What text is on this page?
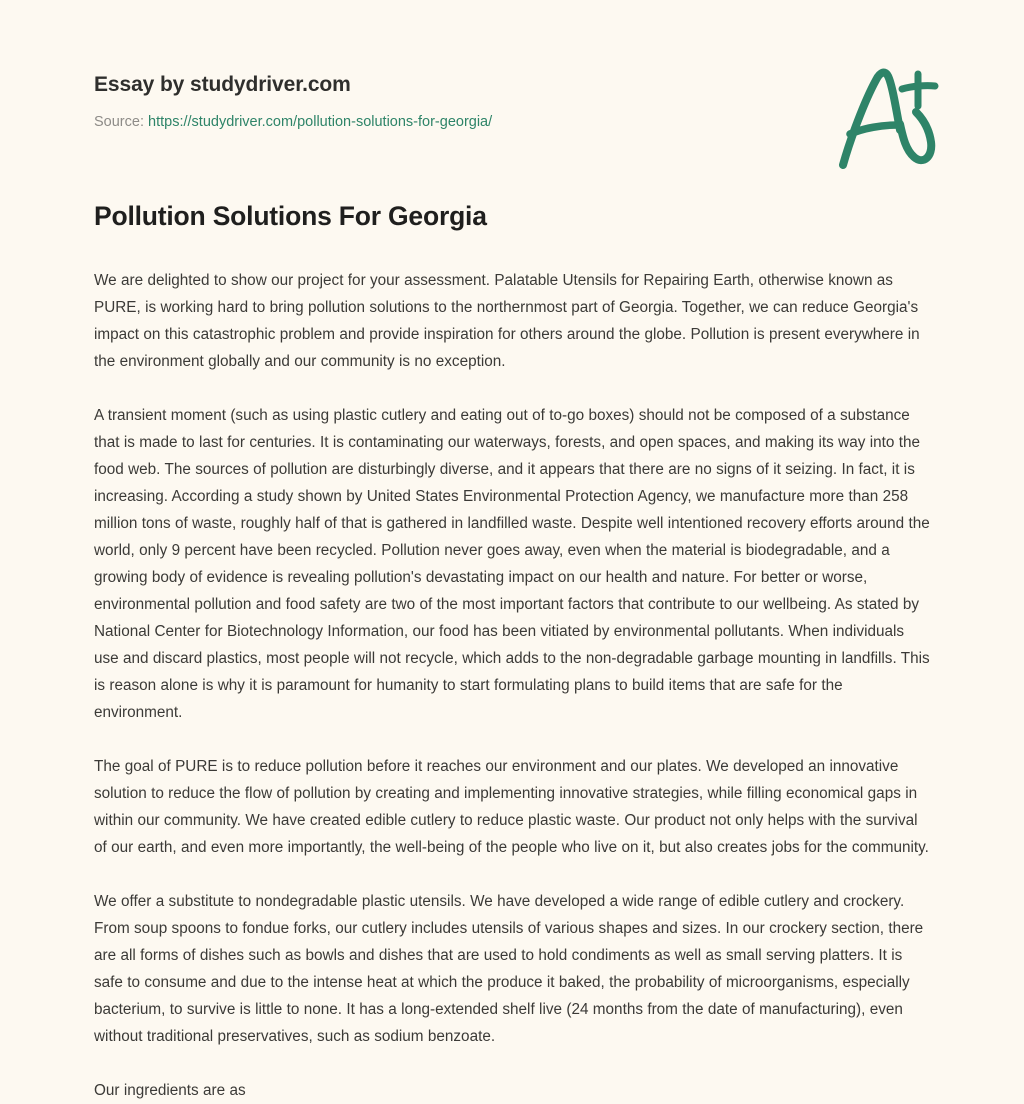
Essay by studydriver.com
Source: https://studydriver.com/pollution-solutions-for-georgia/
Pollution Solutions For Georgia

We are delighted to show our project for your assessment. Palatable Utensils for Repairing Earth, otherwise known as PURE, is working hard to bring pollution solutions to the northernmost part of Georgia. Together, we can reduce Georgia's impact on this catastrophic problem and provide inspiration for others around the globe. Pollution is present everywhere in the environment globally and our community is no exception.

A transient moment (such as using plastic cutlery and eating out of to-go boxes) should not be composed of a substance that is made to last for centuries. It is contaminating our waterways, forests, and open spaces, and making its way into the food web. The sources of pollution are disturbingly diverse, and it appears that there are no signs of it seizing. In fact, it is increasing. According a study shown by United States Environmental Protection Agency, we manufacture more than 258 million tons of waste, roughly half of that is gathered in landfilled waste. Despite well intentioned recovery efforts around the world, only 9 percent have been recycled. Pollution never goes away, even when the material is biodegradable, and a growing body of evidence is revealing pollution's devastating impact on our health and nature. For better or worse, environmental pollution and food safety are two of the most important factors that contribute to our wellbeing. As stated by National Center for Biotechnology Information, our food has been vitiated by environmental pollutants. When individuals use and discard plastics, most people will not recycle, which adds to the non-degradable garbage mounting in landfills. This is reason alone is why it is paramount for humanity to start formulating plans to build items that are safe for the environment.

The goal of PURE is to reduce pollution before it reaches our environment and our plates. We developed an innovative solution to reduce the flow of pollution by creating and implementing innovative strategies, while filling economical gaps in within our community. We have created edible cutlery to reduce plastic waste. Our product not only helps with the survival of our earth, and even more importantly, the well-being of the people who live on it, but also creates jobs for the community.

We offer a substitute to nondegradable plastic utensils. We have developed a wide range of edible cutlery and crockery. From soup spoons to fondue forks, our cutlery includes utensils of various shapes and sizes. In our crockery section, there are all forms of dishes such as bowls and dishes that are used to hold condiments as well as small serving platters. It is safe to consume and due to the intense heat at which the produce it baked, the probability of microorganisms, especially bacterium, to survive is little to none. It has a long-extended shelf live (24 months from the date of manufacturing), even without traditional preservatives, such as sodium benzoate.

Our ingredients are as
